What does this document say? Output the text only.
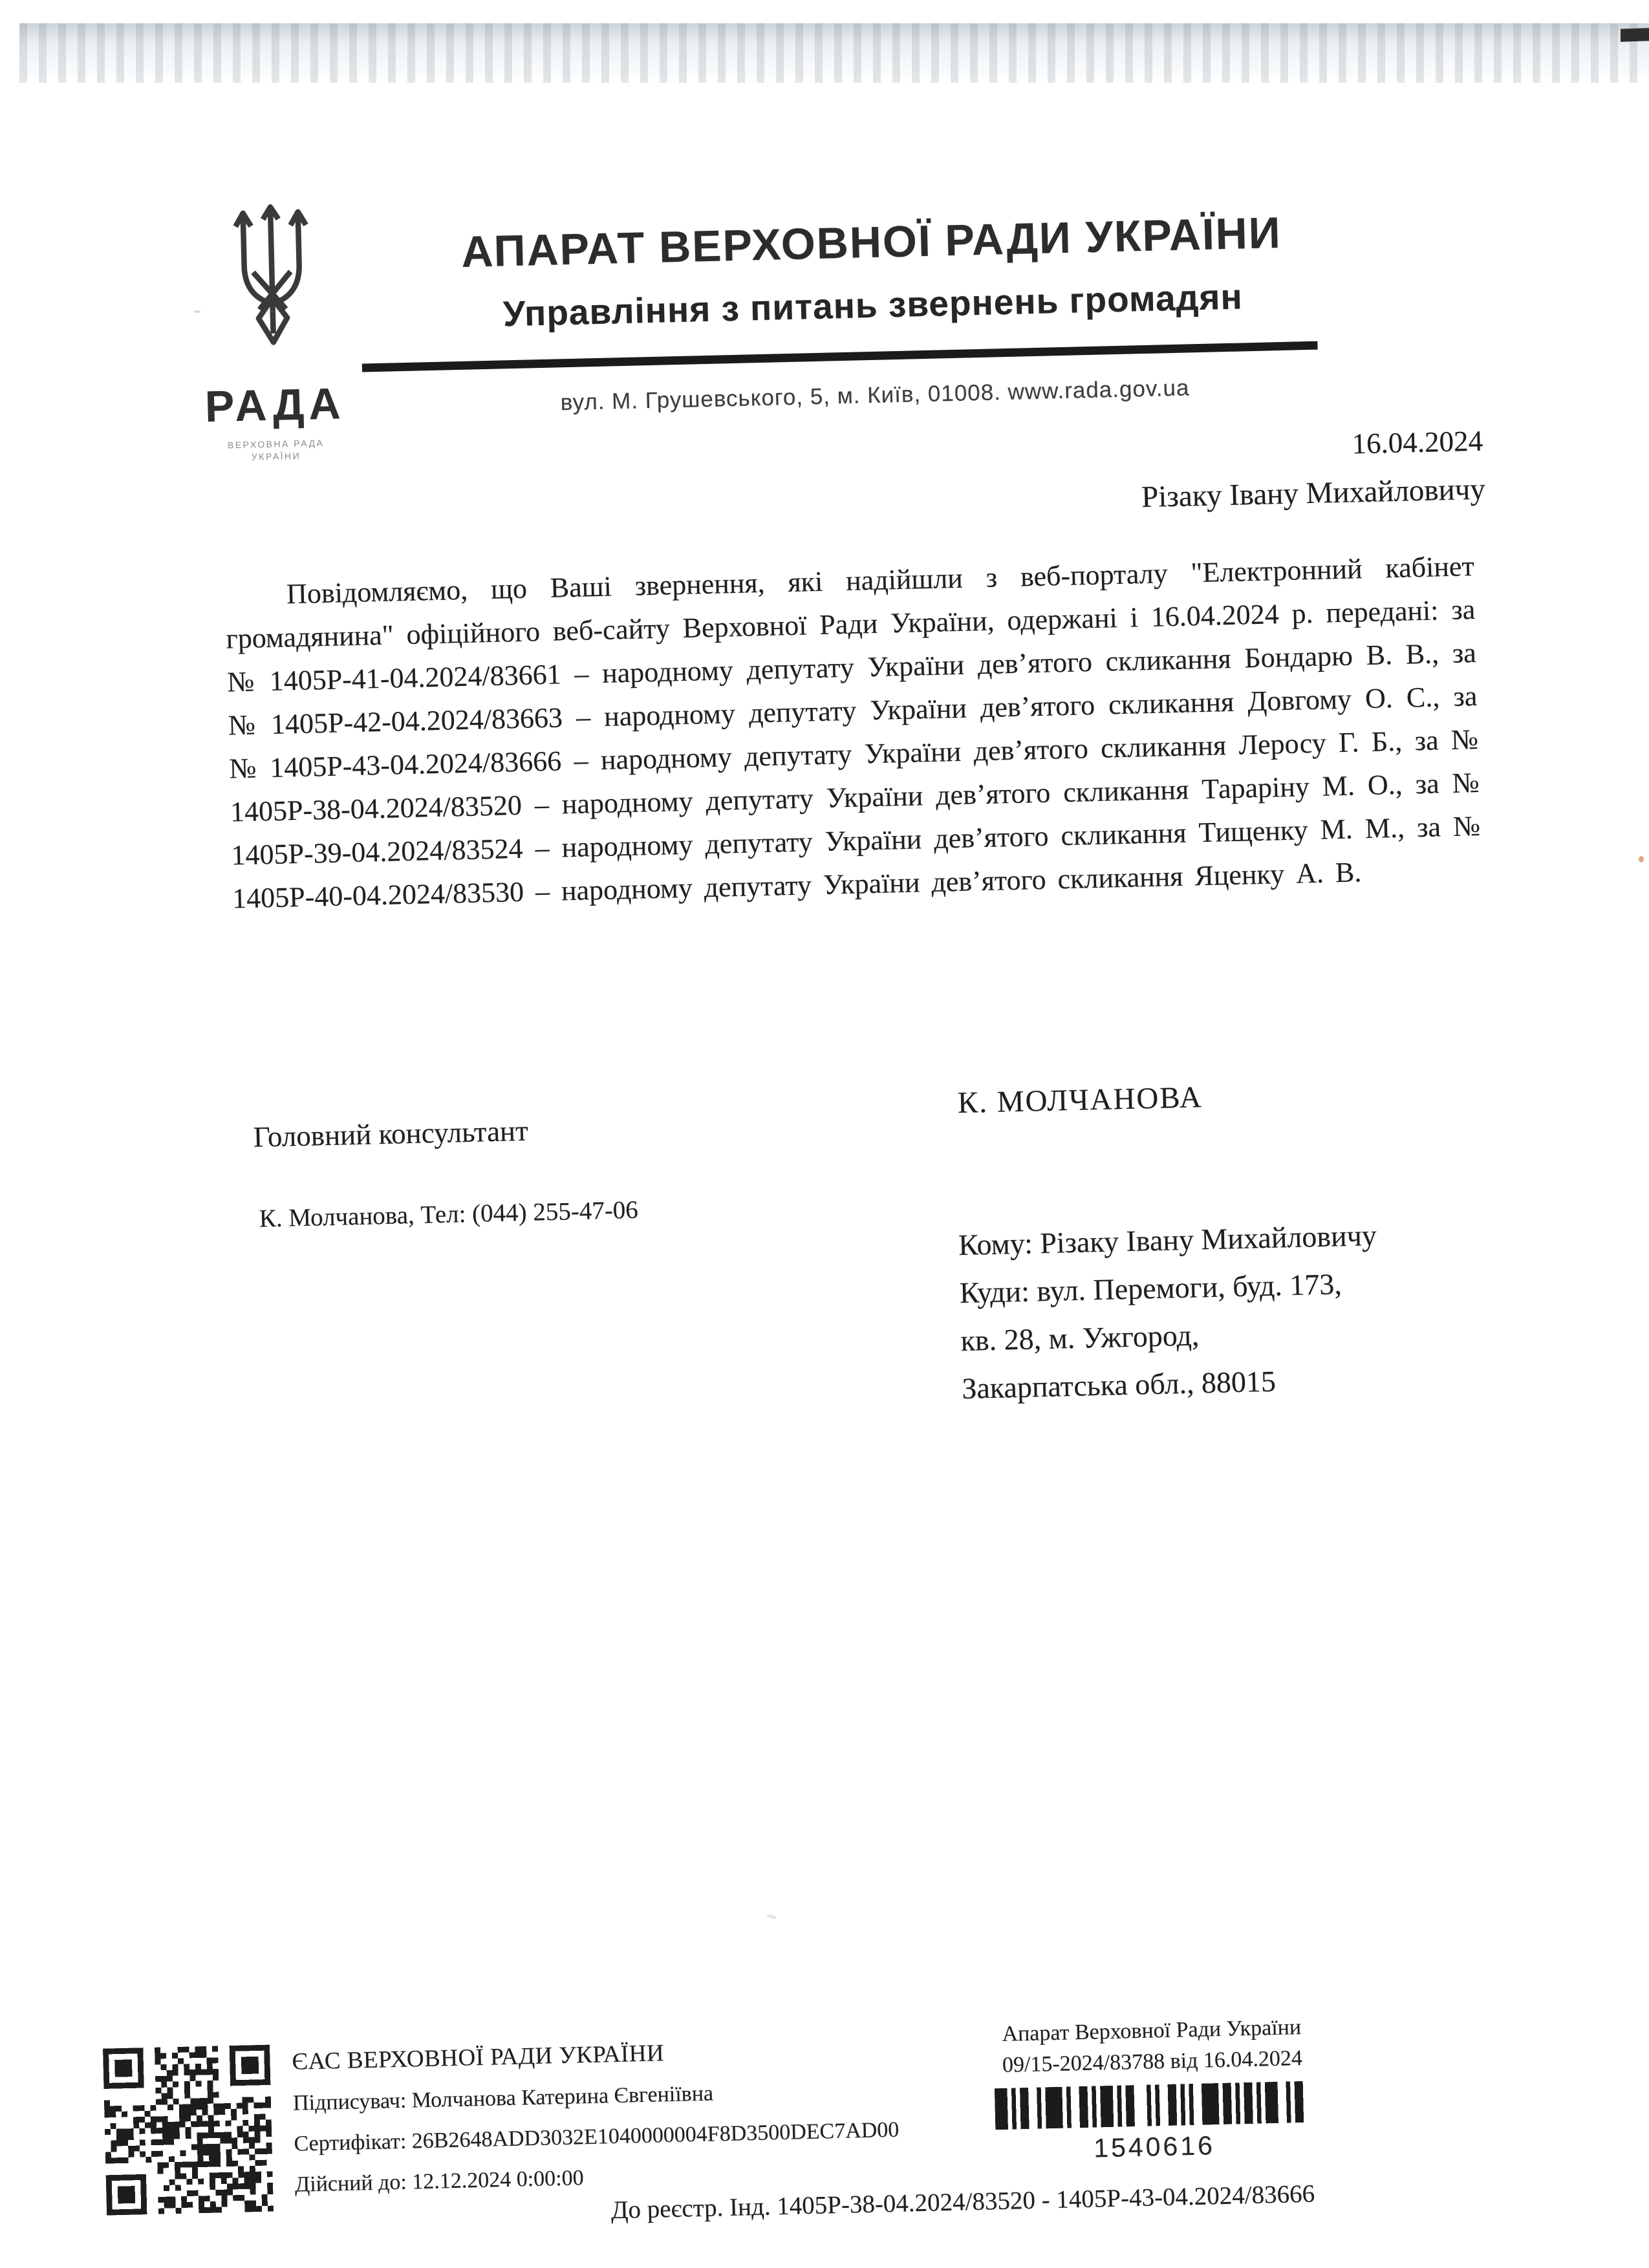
РАДА
ВЕРХОВНА РАДА
УКРАЇНИ
АПАРАТ ВЕРХОВНОЇ РАДИ УКРАЇНИ
Управління з питань звернень громадян
вул. М. Грушевського, 5, м. Київ, 01008. www.rada.gov.ua
16.04.2024
Різаку Івану Михайловичу
Повідомляємо, що Ваші звернення, які надійшли з веб-порталу "Електронний кабінет громадянина" офіційного веб-сайту Верховної Ради України, одержані і 16.04.2024 р. передані: за № 1405Р-41-04.2024/83661 – народному депутату України дев’ятого скликання Бондарю В. В., за № 1405Р-42-04.2024/83663 – народному депутату України дев’ятого скликання Довгому О. С., за № 1405Р-43-04.2024/83666 – народному депутату України дев’ятого скликання Леросу Г. Б., за № 1405Р-38-04.2024/83520 – народному депутату України дев’ятого скликання Тараріну М. О., за № 1405Р-39-04.2024/83524 – народному депутату України дев’ятого скликання Тищенку М. М., за № 1405Р-40-04.2024/83530 – народному депутату України дев’ятого скликання Яценку А. В.
Головний консультант
К. МОЛЧАНОВА
К. Молчанова, Тел: (044) 255-47-06
Кому: Різаку Івану Михайловичу
Куди: вул. Перемоги, буд. 173,
кв. 28, м. Ужгород,
Закарпатська обл., 88015
ЄАС ВЕРХОВНОЇ РАДИ УКРАЇНИ
Підписувач: Молчанова Катерина Євгеніївна
Сертифікат: 26B2648ADD3032E1040000004F8D3500DEC7AD00
Дійсний до: 12.12.2024 0:00:00
Апарат Верховної Ради України
09/15-2024/83788 від 16.04.2024
1540616
До реєстр. Інд. 1405Р-38-04.2024/83520 - 1405Р-43-04.2024/83666
